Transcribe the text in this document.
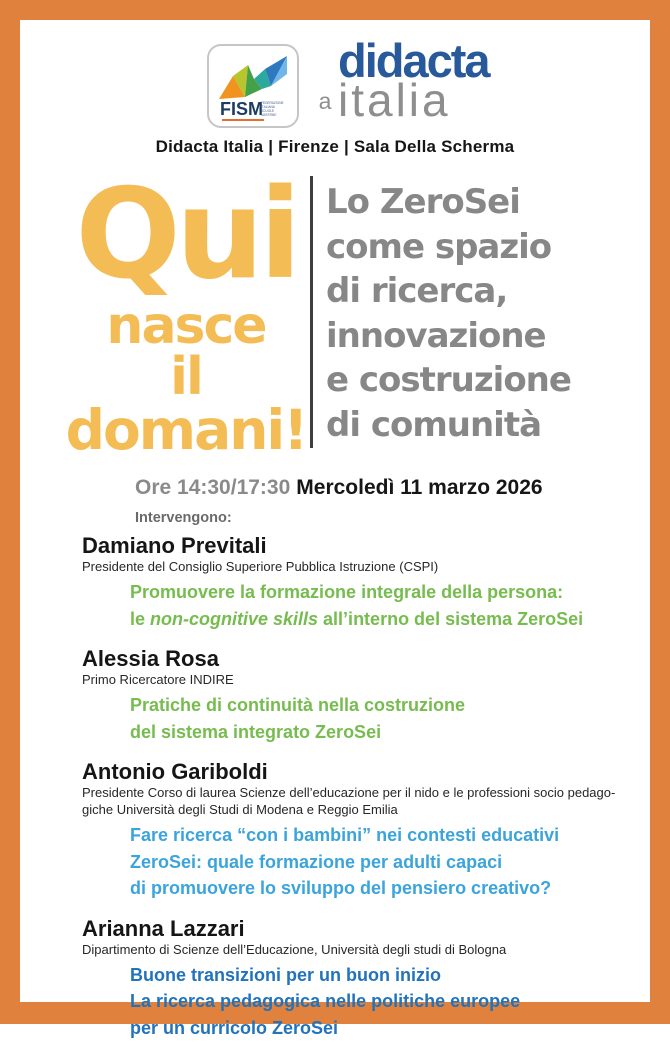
FISM
FEDERAZIONE
ITALIANA
SCUOLE
MATERNE
a
didacta
italia
Didacta Italia | Firenze | Sala Della Scherma
Qui
nasce
il
domani!
Lo ZeroSei
come spazio
di ricerca,
innovazione
e costruzione
di comunità
Ore 14:30/17:30 Mercoledì 11 marzo 2026
Intervengono:
Damiano Previtali
Presidente del Consiglio Superiore Pubblica Istruzione (CSPI)
Promuovere la formazione integrale della persona:
le non-cognitive skills all’interno del sistema ZeroSei
Alessia Rosa
Primo Ricercatore INDIRE
Pratiche di continuità nella costruzione
del sistema integrato ZeroSei
Antonio Gariboldi
Presidente Corso di laurea Scienze dell’educazione per il nido e le professioni socio pedago-
giche Università degli Studi di Modena e Reggio Emilia
Fare ricerca “con i bambini” nei contesti educativi
ZeroSei: quale formazione per adulti capaci
di promuovere lo sviluppo del pensiero creativo?
Arianna Lazzari
Dipartimento di Scienze dell’Educazione, Università degli studi di Bologna
Buone transizioni per un buon inizio
La ricerca pedagogica nelle politiche europee
per un curricolo ZeroSei
